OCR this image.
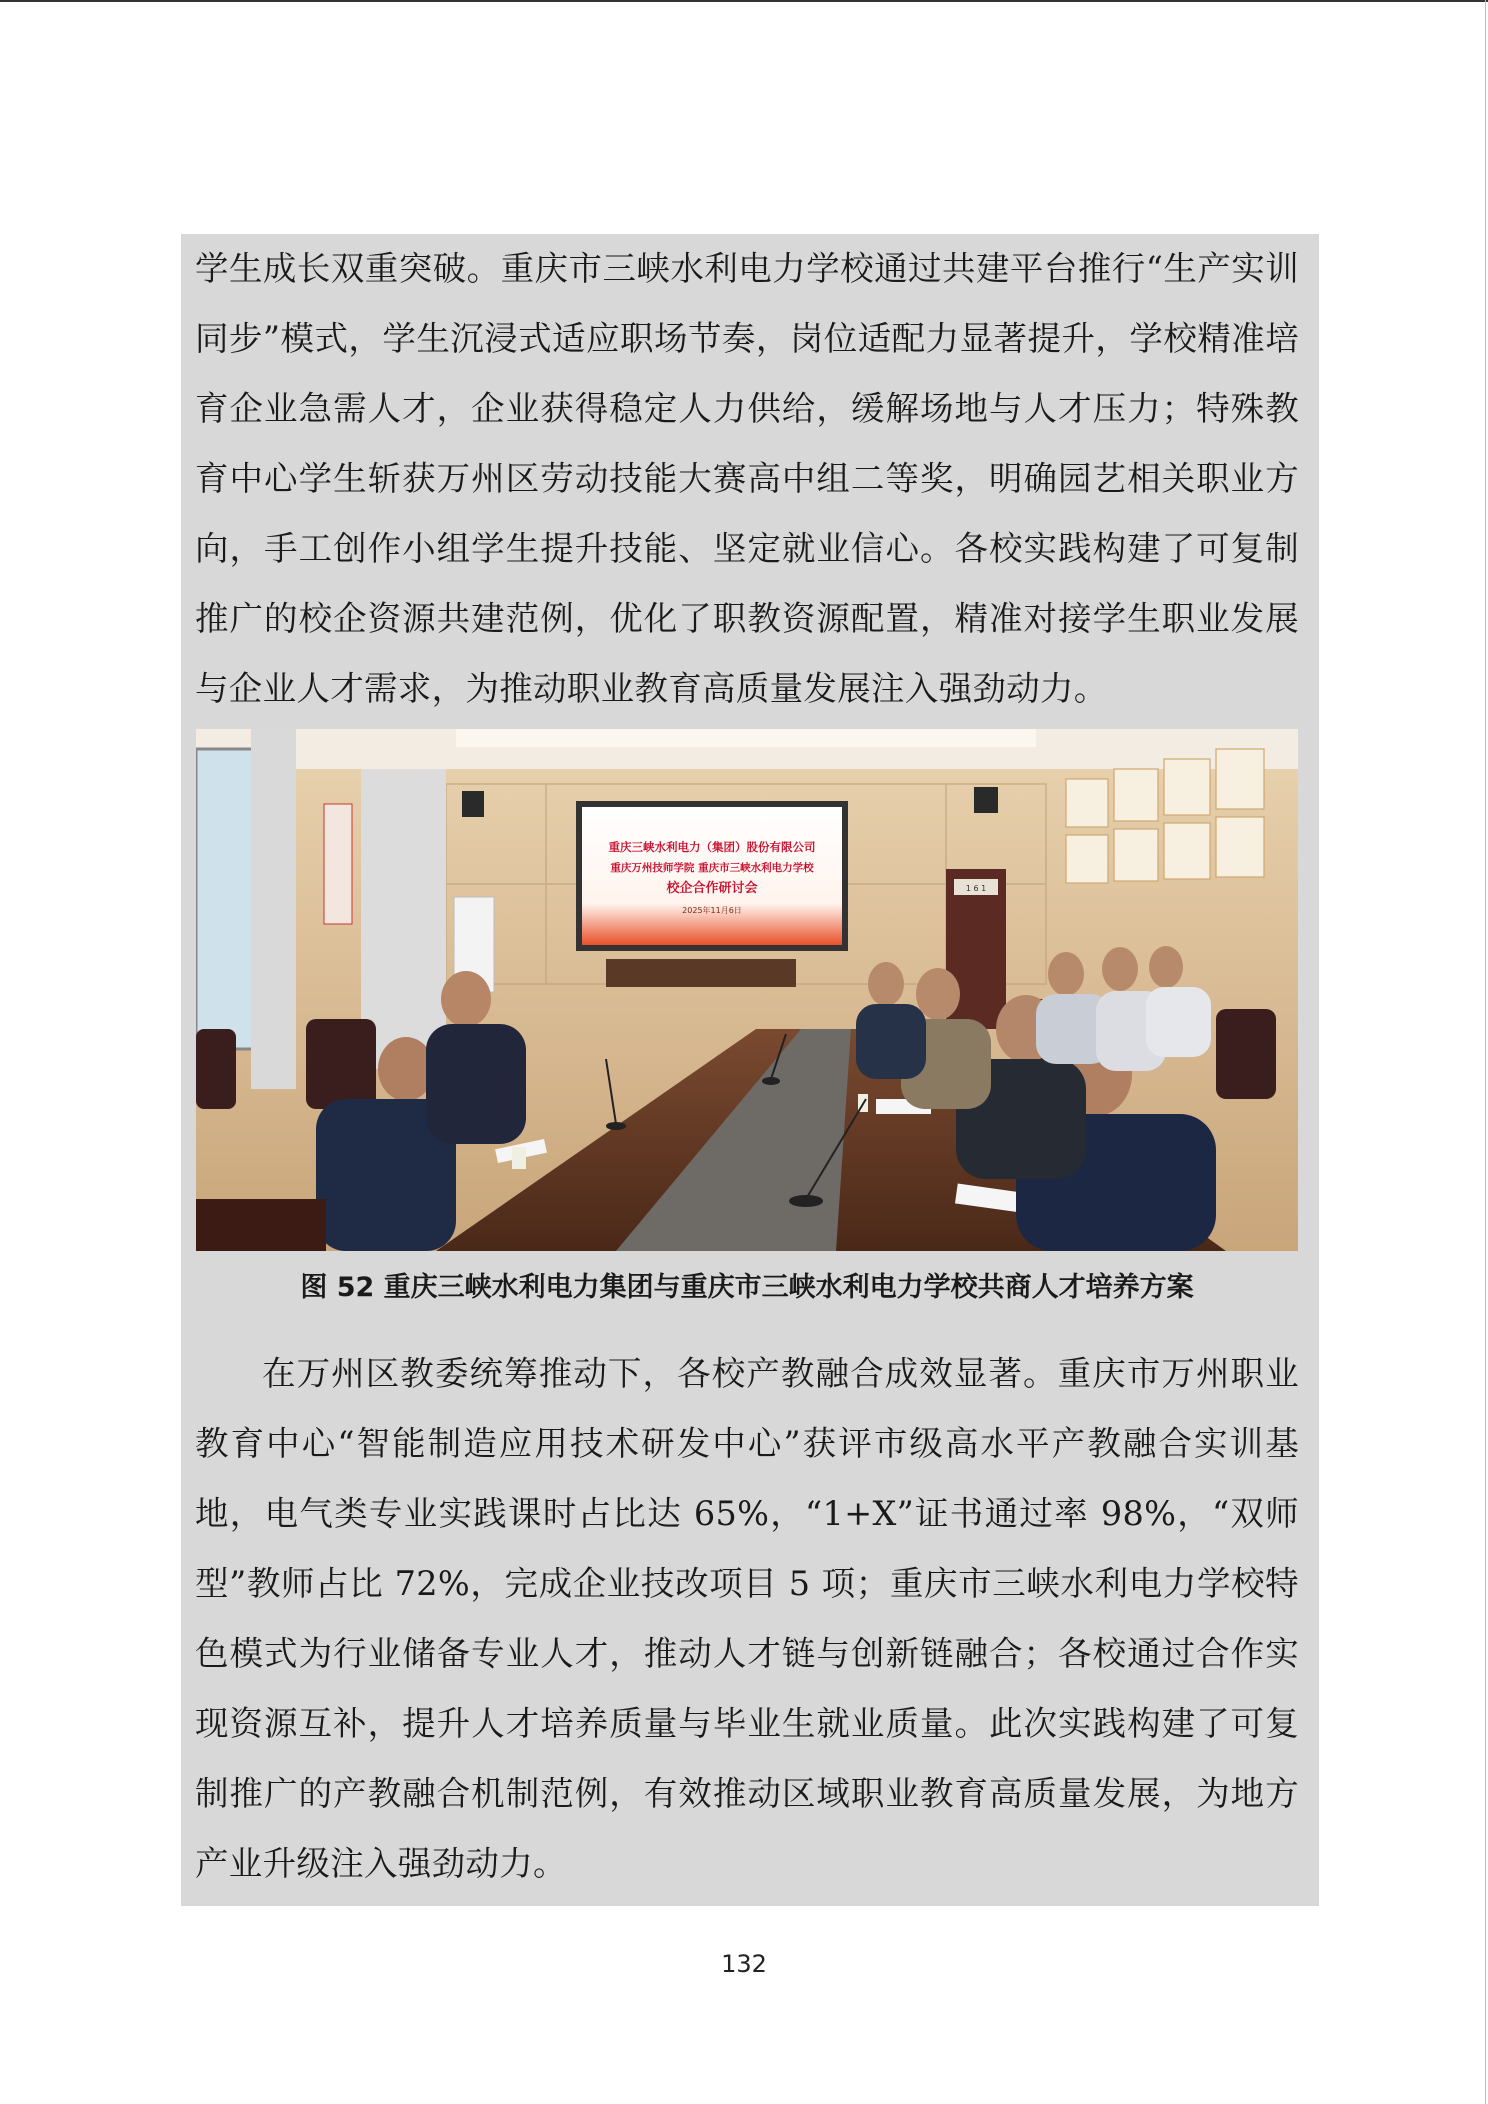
学生成长双重突破。重庆市三峡水利电力学校通过共建平台推行“生产实训同步”模式，学生沉浸式适应职场节奏，岗位适配力显著提升，学校精准培育企业急需人才，企业获得稳定人力供给，缓解场地与人才压力；特殊教育中心学生斩获万州区劳动技能大赛高中组二等奖，明确园艺相关职业方向，手工创作小组学生提升技能、坚定就业信心。各校实践构建了可复制推广的校企资源共建范例，优化了职教资源配置，精准对接学生职业发展与企业人才需求，为推动职业教育高质量发展注入强劲动力。

重庆三峡水利电力（集团）股份有限公司
重庆万州技师学院 重庆市三峡水利电力学校
校企合作研讨会
2025年11月6日
1 6 1
图 52 重庆三峡水利电力集团与重庆市三峡水利电力学校共商人才培养方案

在万州区教委统筹推动下，各校产教融合成效显著。重庆市万州职业教育中心“智能制造应用技术研发中心”获评市级高水平产教融合实训基地，电气类专业实践课时占比达 65%，“1+X”证书通过率 98%，“双师型”教师占比 72%，完成企业技改项目 5 项；重庆市三峡水利电力学校特色模式为行业储备专业人才，推动人才链与创新链融合；各校通过合作实现资源互补，提升人才培养质量与毕业生就业质量。此次实践构建了可复制推广的产教融合机制范例，有效推动区域职业教育高质量发展，为地方产业升级注入强劲动力。

132
